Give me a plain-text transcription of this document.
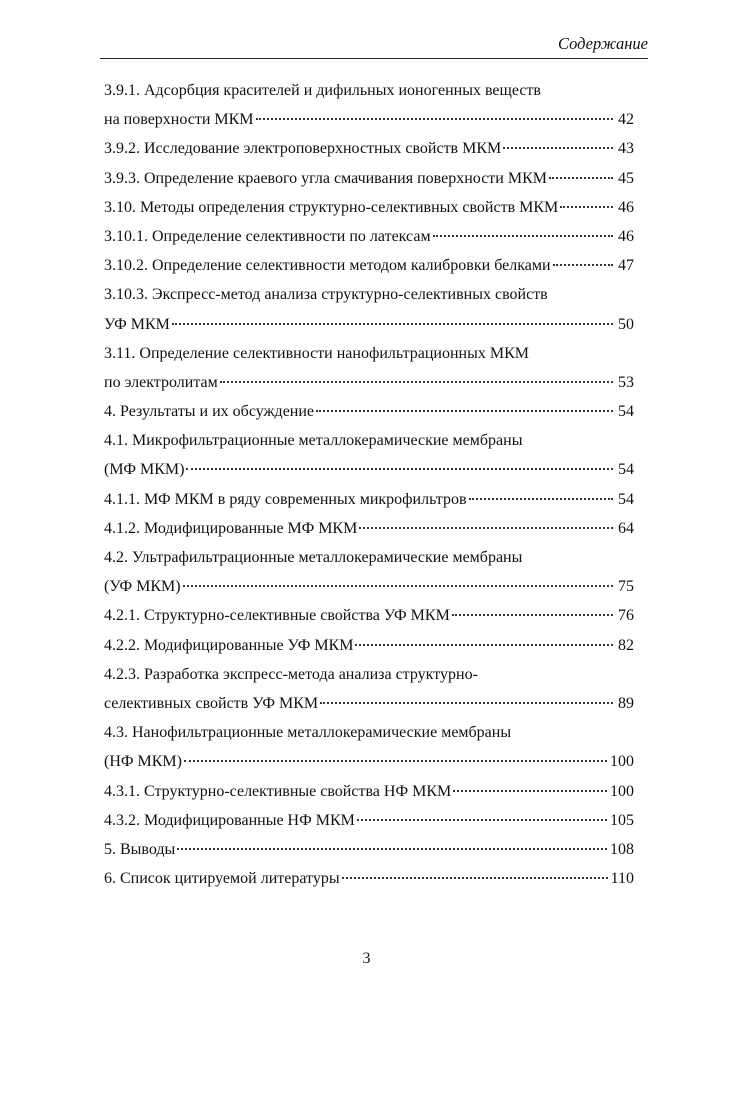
Содержание
3.9.1. Адсорбция красителей и дифильных ионогенных веществ
на поверхности МКМ	42
3.9.2. Исследование электроповерхностных свойств МКМ	43
3.9.3. Определение краевого угла смачивания поверхности МКМ	45
3.10. Методы определения структурно-селективных свойств МКМ	46
3.10.1. Определение селективности по латексам	46
3.10.2. Определение селективности методом калибровки белками	47
3.10.3. Экспресс-метод анализа структурно-селективных свойств
УФ МКМ	50
3.11. Определение селективности нанофильтрационных МКМ
по электролитам	53
4. Результаты и их обсуждение	54
4.1. Микрофильтрационные металлокерамические мембраны
(МФ МКМ)	54
4.1.1. МФ МКМ в ряду современных микрофильтров	54
4.1.2. Модифицированные МФ МКМ	64
4.2. Ультрафильтрационные металлокерамические мембраны
(УФ МКМ)	75
4.2.1. Структурно-селективные свойства УФ МКМ	76
4.2.2. Модифицированные УФ МКМ	82
4.2.3. Разработка экспресс-метода анализа структурно-
селективных свойств УФ МКМ	89
4.3. Нанофильтрационные металлокерамические мембраны
(НФ МКМ)	100
4.3.1. Структурно-селективные свойства НФ МКМ	100
4.3.2. Модифицированные НФ МКМ	105
5. Выводы	108
6. Список цитируемой литературы	110
3
